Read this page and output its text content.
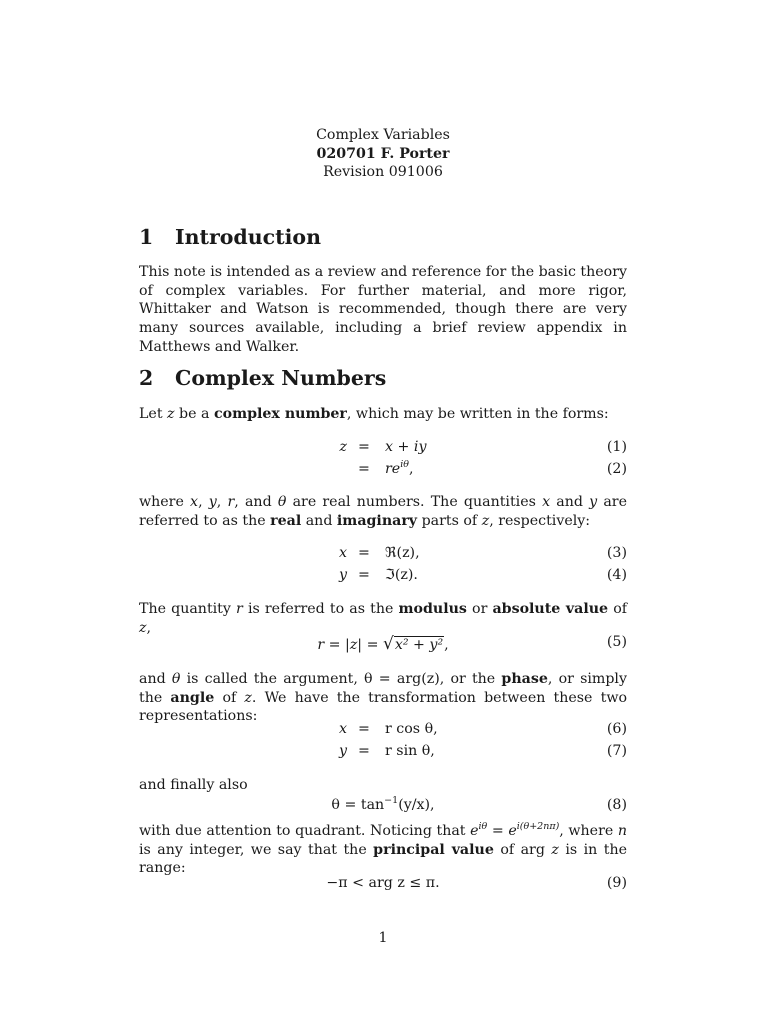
Complex Variables
020701 F. Porter
Revision 091006
1 Introduction
2 Complex Numbers

This note is intended as a review and reference for the basic theory of complex variables. For further material, and more rigor, Whittaker and Watson is recommended, though there are very many sources available, including a brief review appendix in Matthews and Walker.

Let z be a complex number, which may be written in the forms:

z = x + iy	(1)
= $re^{i\theta}$,	(2)

where x, y, r, and θ are real numbers. The quantities x and y are referred to as the real and imaginary parts of z, respectively:

x = ℜ(z),	(3)
y = ℑ(z).	(4)

The quantity r is referred to as the modulus or absolute value of z,

r = |z| = √x² + y²,	(5)

and θ is called the argument, θ = arg(z), or the phase, or simply the angle of z. We have the transformation between these two representations:

x = r cos θ,	(6)
y = r sin θ,	(7)

and finally also

$\theta = \tan^{-1}(y/x)$,	(8)

with due attention to quadrant. Noticing that $e^{i\theta} = e^{i(\theta+2n\pi)}$, where n is any integer, we say that the principal value of arg z is in the range:

−π < arg z ≤ π.	(9)
1
